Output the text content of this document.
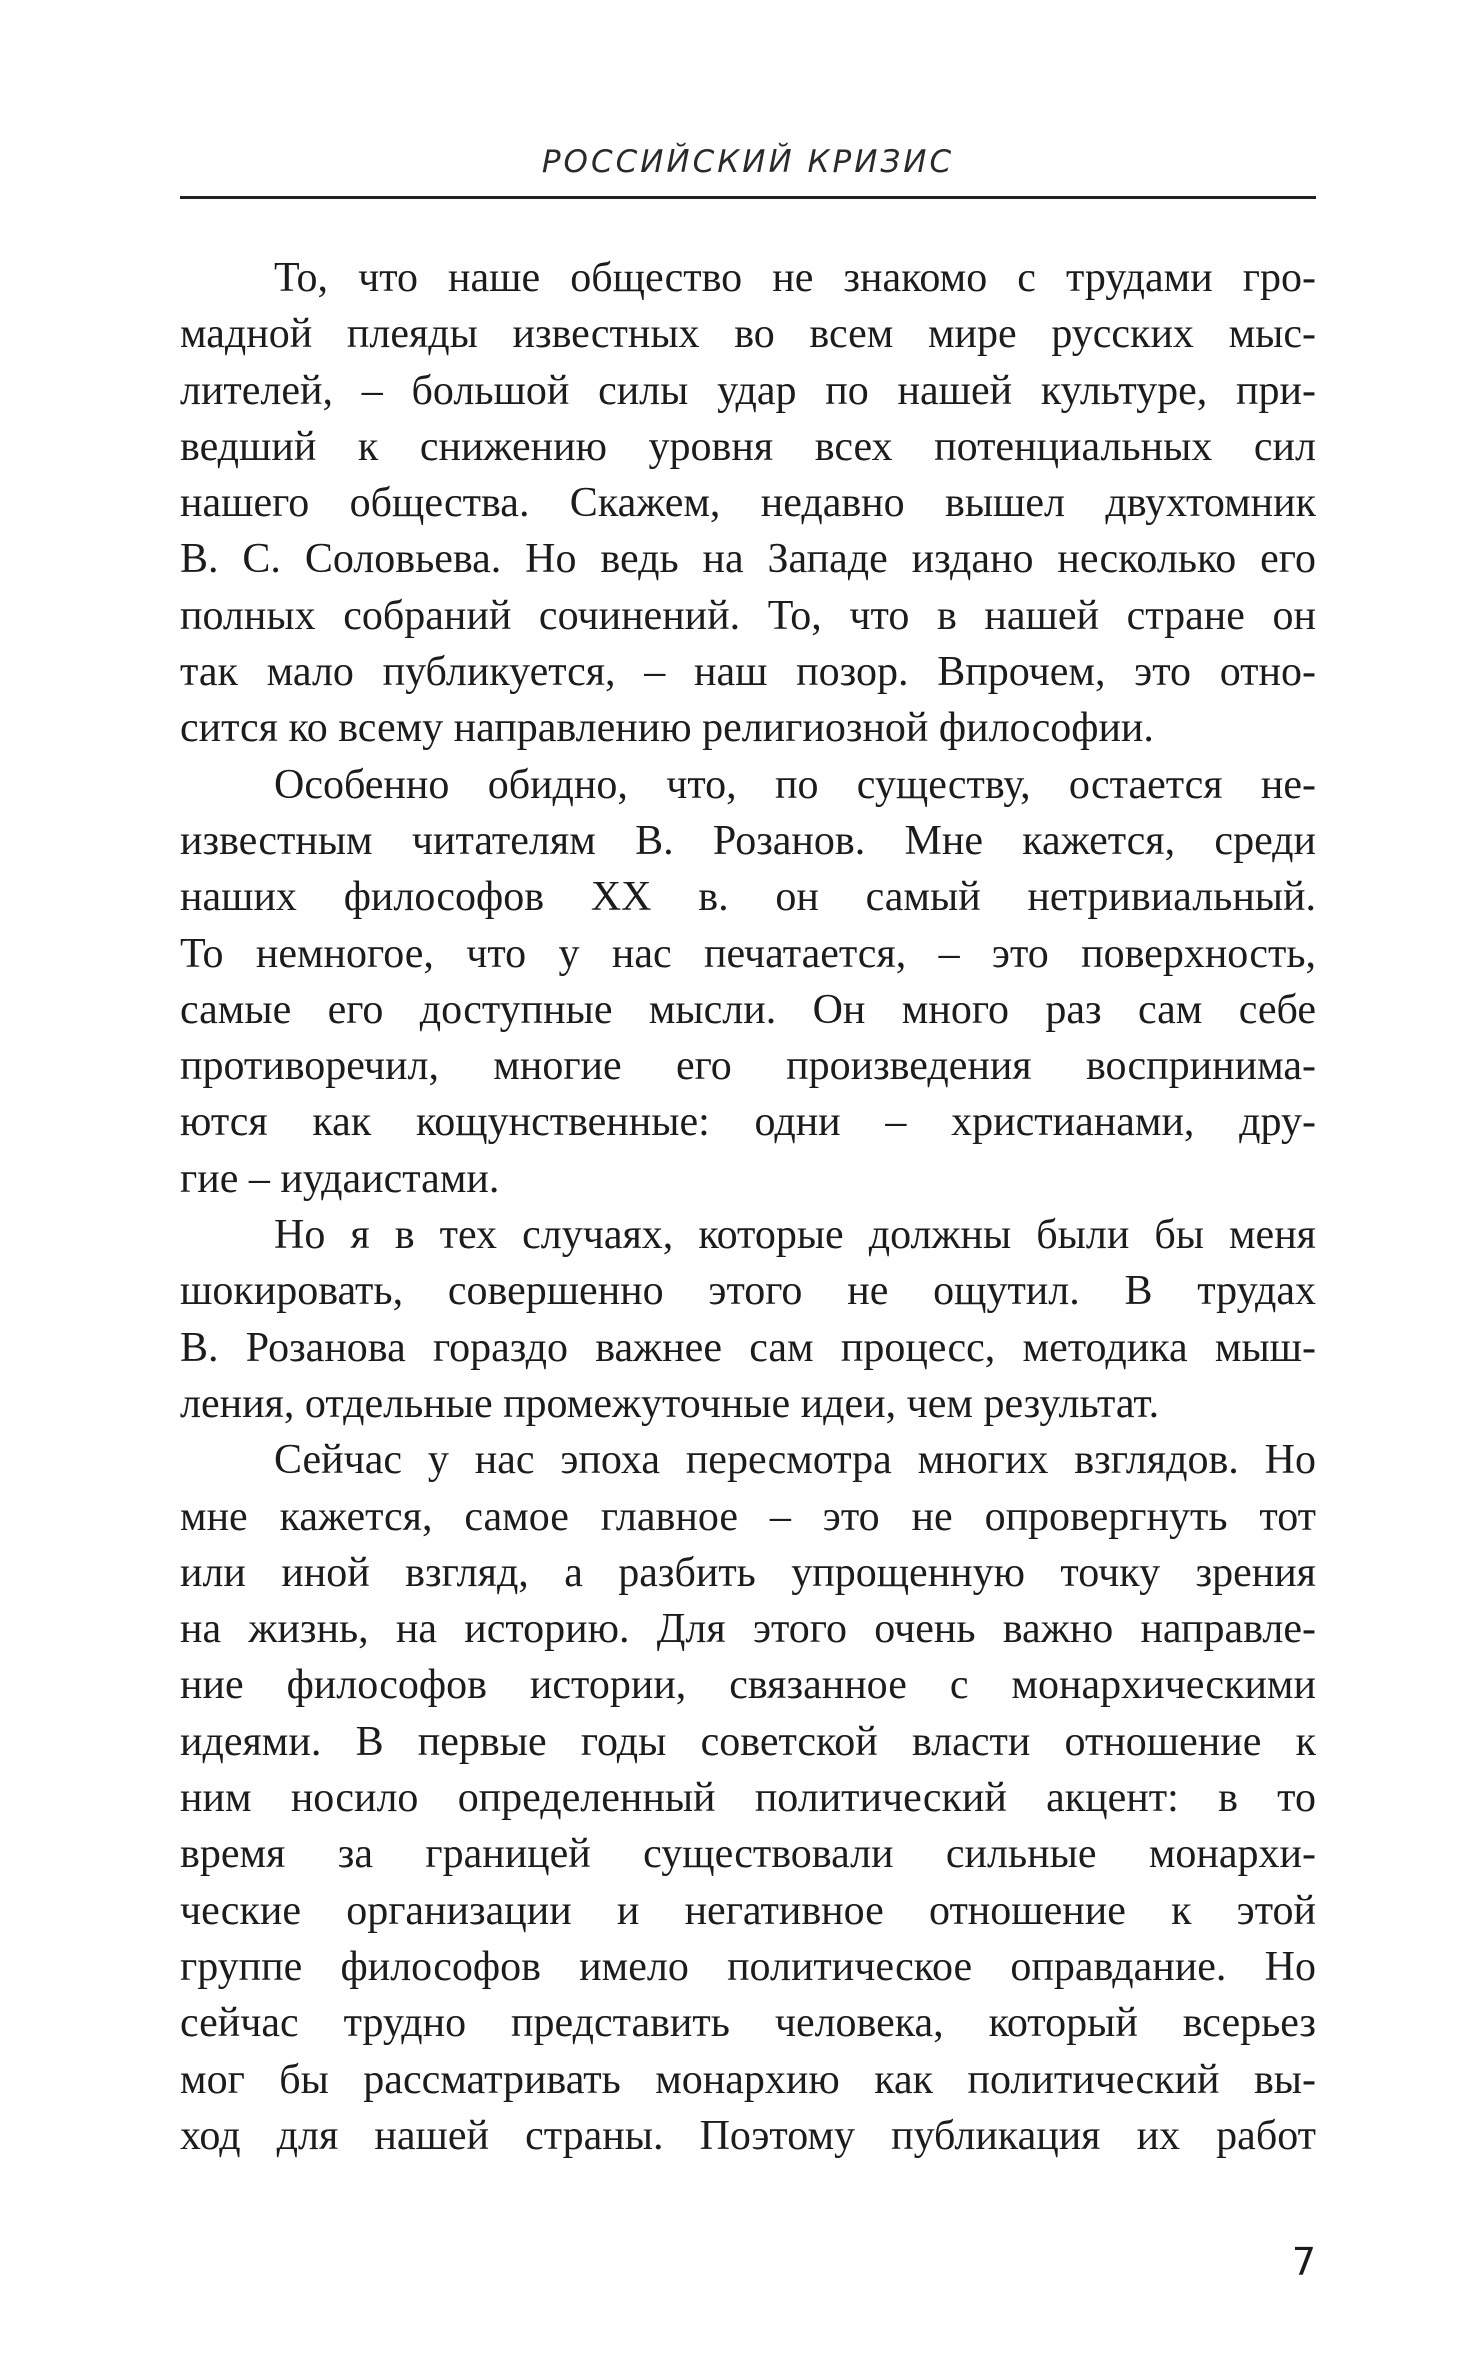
РОССИЙСКИЙ КРИЗИС
То, что наше общество не знакомо с трудами гро-
мадной плеяды известных во всем мире русских мыс-
лителей, – большой силы удар по нашей культуре, при-
ведший к снижению уровня всех потенциальных сил
нашего общества. Скажем, недавно вышел двухтомник
В. С. Соловьева. Но ведь на Западе издано несколько его
полных собраний сочинений. То, что в нашей стране он
так мало публикуется, – наш позор. Впрочем, это отно-
сится ко всему направлению религиозной философии.
Особенно обидно, что, по существу, остается не-
известным читателям В. Розанов. Мне кажется, среди
наших философов XX в. он самый нетривиальный.
То немногое, что у нас печатается, – это поверхность,
самые его доступные мысли. Он много раз сам себе
противоречил, многие его произведения воспринима-
ются как кощунственные: одни – христианами, дру-
гие – иудаистами.
Но я в тех случаях, которые должны были бы меня
шокировать, совершенно этого не ощутил. В трудах
В. Розанова гораздо важнее сам процесс, методика мыш-
ления, отдельные промежуточные идеи, чем результат.
Сейчас у нас эпоха пересмотра многих взглядов. Но
мне кажется, самое главное – это не опровергнуть тот
или иной взгляд, а разбить упрощенную точку зрения
на жизнь, на историю. Для этого очень важно направле-
ние философов истории, связанное с монархическими
идеями. В первые годы советской власти отношение к
ним носило определенный политический акцент: в то
время за границей существовали сильные монархи-
ческие организации и негативное отношение к этой
группе философов имело политическое оправдание. Но
сейчас трудно представить человека, который всерьез
мог бы рассматривать монархию как политический вы-
ход для нашей страны. Поэтому публикация их работ
7
